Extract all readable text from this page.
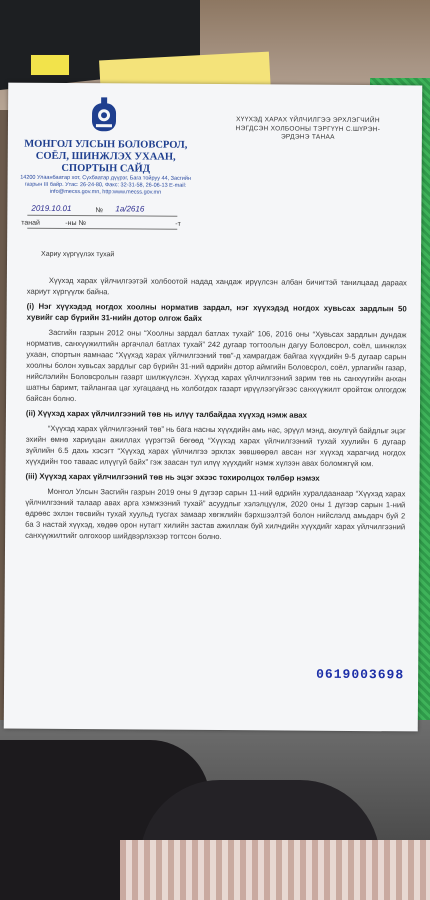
МОНГОЛ УЛСЫН БОЛОВСРОЛ, СОЁЛ, ШИНЖЛЭХ УХААН, СПОРТЫН САЙД
14200 Улаанбаатар хот, Сүхбаатар дүүрэг, Бага тойруу 44, Засгийн газрын III байр. Утас: 26-24-80, Факс: 32-31-58, 26-06-13 E-mail: info@mecss.gov.mn, http:www.mecss.gov.mn
ХҮҮХЭД ХАРАХ ҮЙЛЧИЛГЭЭ ЭРХЛЭГЧИЙН НЭГДСЭН ХОЛБООНЫ ТЭРГҮҮН С.ШҮРЭН-ЭРДЭНЭ ТАНАА
2019.10.01	№ 1а/2616
танай	-ны №	-т
Хариу хүргүүлэх тухай

Хүүхэд харах үйлчилгээтэй холбоотой надад хандаж ирүүлсэн албан бичигтэй танилцаад дараах хариут хүргүүлж байна.

(i) Нэг хүүхэдэд ногдох хоолны норматив зардал, нэг хүүхэдэд ногдох хувьсах зардлын 50 хувийг сар бүрийн 31-нийн дотор олгож байх

Засгийн газрын 2012 оны “Хоолны зардал батлах тухай” 106, 2016 оны “Хувьсах зардлын дундаж норматив, санхүүжилтийн аргачлал батлах тухай” 242 дугаар тогтоолын дагуу Боловсрол, соёл, шинжлэх ухаан, спортын яамнаас “Хүүхэд харах үйлчилгээний төв”-д хамрагдаж байгаа хүүхдийн 9-5 дугаар сарын хоолны болон хувьсах зардлыг сар бүрийн 31-ний өдрийн дотор аймгийн Боловсрол, соёл, урлагийн газар, нийслэлийн Боловсролын газарт шилжүүлсэн. Хүүхэд харах үйлчилгээний зарим төв нь санхүүгийн анхан шатны баримт, тайлангаа цаг хугацаанд нь холбогдох газарт ирүүлээгүйгээс санхүүжилт оройтож олгогдож байсан болно.

(ii) Хүүхэд харах үйлчилгээний төв нь илүү талбайдаа хүүхэд нэмж авах

“Хүүхэд харах үйлчилгээний төв” нь бага насны хүүхдийн амь нас, эрүүл мэнд, аюулгүй байдлыг эцэг эхийн өмнө хариуцан ажиллах үүрэгтэй бөгөөд “Хүүхэд харах үйлчилгээний тухай хуулийн 6 дугаар зүйлийн 6.5 дахь хэсэгт “Хүүхэд харах үйлчилгээ эрхлэх зөвшөөрөл авсан нэг хүүхэд харагчид ногдох хүүхдийн тоо тавааc илүүгүй байх” гэж заасан тул илүү хүүхдийг нэмж хүлээн авах боломжгүй юм.

(iii) Хүүхэд харах үйлчилгээний төв нь эцэг эхээс тохиролцох төлбөр нэмэх

Монгол Улсын Засгийн газрын 2019 оны 9 дүгээр сарын 11-ний өдрийн хуралдаанаар “Хүүхэд харах үйлчилгээний талаар авах арга хэмжээний тухай” асуудлыг хэлэлцүүлж, 2020 оны 1 дүгээр сарын 1-ний өдрөөс эхлэн төсвийн тухай хуульд тусгах замаар хөгжлийн бэрхшээлтэй болон нийслэлд амьдарч буй 2 ба 3 настай хүүхэд, хөдөө орон нутагт хилийн застав ажиллаж буй хилчдийн хүүхдийг харах үйлчилгээний санхүүжилтийг олгохоор шийдвэрлэхээр тогтсон болно.

0619003698
